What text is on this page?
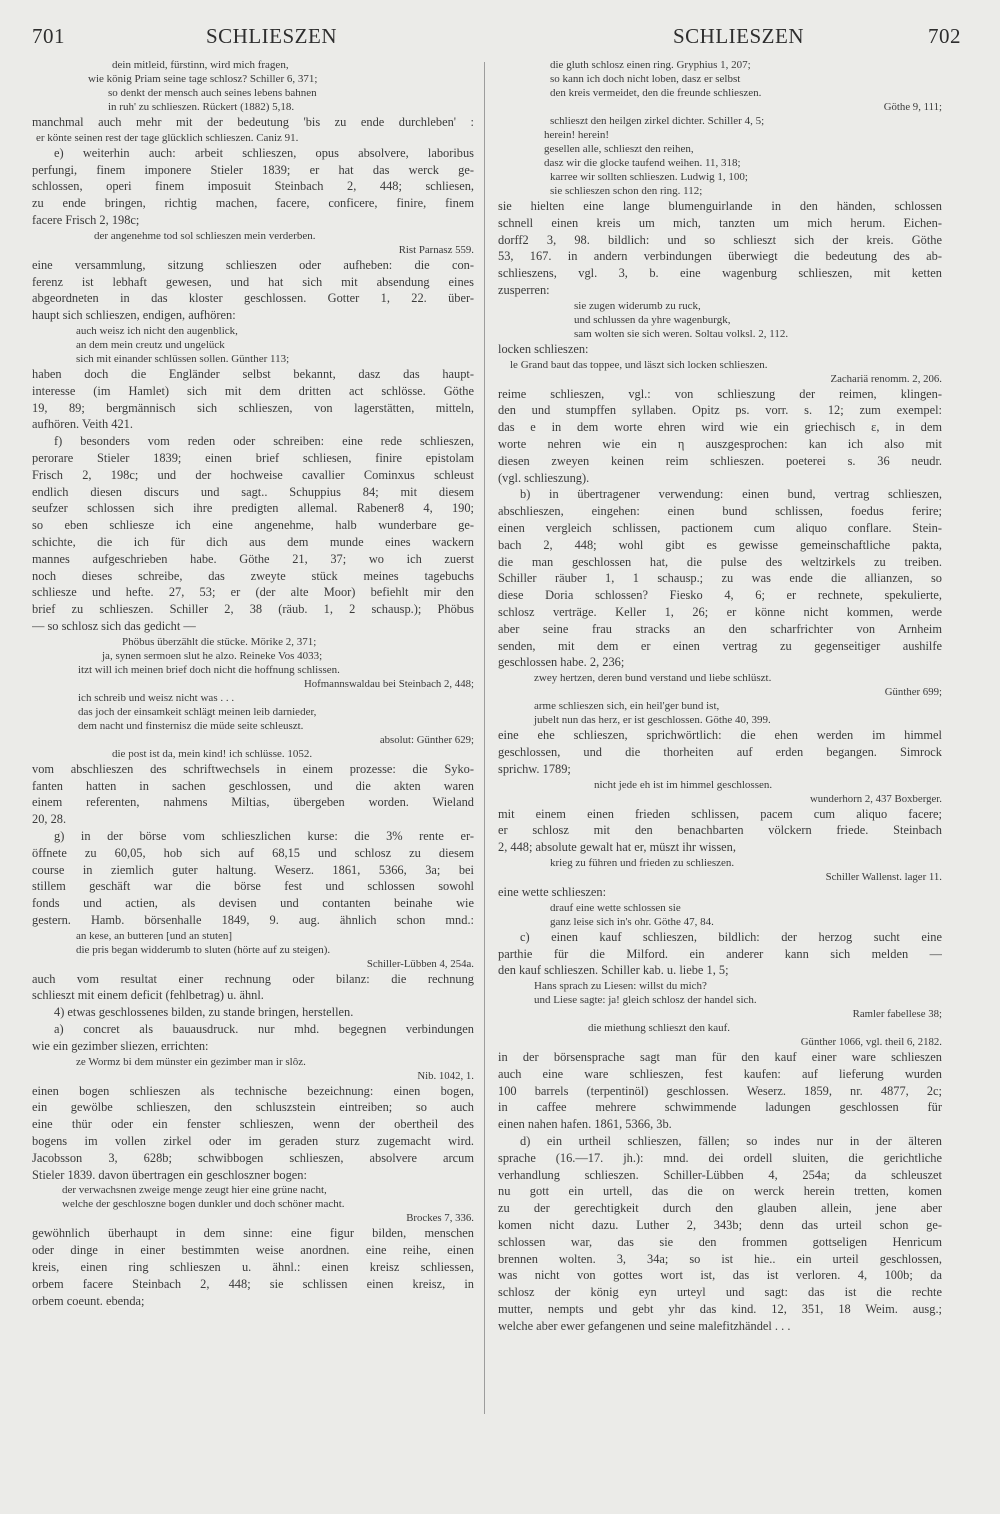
701	SCHLIESZEN	SCHLIESZEN	702
dein mitleid, fürstinn, wird mich fragen,
wie könig Priam seine tage schlosz? Schiller 6, 371;
so denkt der mensch auch seines lebens bahnen
in ruh' zu schlieszen. Rückert (1882) 5,18.
manchmal auch mehr mit der bedeutung 'bis zu ende durchleben' :
er könte seinen rest der tage glücklich schlieszen. Caniz 91.
e) weiterhin auch: arbeit schlieszen, opus absolvere, laboribus
perfungi, finem imponere Stieler 1839; er hat das werck ge-
schlossen, operi finem imposuit Steinbach 2, 448; schliesen,
zu ende bringen, richtig machen, facere, conficere, finire, finem
facere Frisch 2, 198c;
der angenehme tod sol schlieszen mein verderben.
Rist Parnasz 559.
eine versammlung, sitzung schlieszen oder aufheben: die con-
ferenz ist lebhaft gewesen, und hat sich mit absendung eines
abgeordneten in das kloster geschlossen. Gotter 1, 22. über-
haupt sich schlieszen, endigen, aufhören:
auch weisz ich nicht den augenblick,
an dem mein creutz und ungelück
sich mit einander schlüssen sollen. Günther 113;
haben doch die Engländer selbst bekannt, dasz das haupt-
interesse (im Hamlet) sich mit dem dritten act schlösse. Göthe
19, 89; bergmännisch sich schlieszen, von lagerstätten, mitteln,
aufhören. Veith 421.
f) besonders vom reden oder schreiben: eine rede schlieszen,
perorare Stieler 1839; einen brief schliesen, finire epistolam
Frisch 2, 198c; und der hochweise cavallier Cominxus schleust
endlich diesen discurs und sagt.. Schuppius 84; mit diesem
seufzer schlossen sich ihre predigten allemal. Rabener8 4, 190;
so eben schliesze ich eine angenehme, halb wunderbare ge-
schichte, die ich für dich aus dem munde eines wackern
mannes aufgeschrieben habe. Göthe 21, 37; wo ich zuerst
noch dieses schreibe, das zweyte stück meines tagebuchs
schliesze und hefte. 27, 53; er (der alte Moor) befiehlt mir den
brief zu schlieszen. Schiller 2, 38 (räub. 1, 2 schausp.); Phöbus
— so schlosz sich das gedicht —
Phöbus überzählt die stücke. Mörike 2, 371;
ja, synen sermoen slut he alzo. Reineke Vos 4033;
itzt will ich meinen brief doch nicht die hoffnung schlissen.
Hofmannswaldau bei Steinbach 2, 448;
ich schreib und weisz nicht was . . .
das joch der einsamkeit schlägt meinen leib darnieder,
dem nacht und finsternisz die müde seite schleuszt.
absolut: Günther 629;
die post ist da, mein kind! ich schlüsse. 1052.
vom abschlieszen des schriftwechsels in einem prozesse: die Syko-
fanten hatten in sachen geschlossen, und die akten waren
einem referenten, nahmens Miltias, übergeben worden. Wieland
20, 28.
g) in der börse vom schlieszlichen kurse: die 3% rente er-
öffnete zu 60,05, hob sich auf 68,15 und schlosz zu diesem
course in ziemlich guter haltung. Weserz. 1861, 5366, 3a; bei
stillem geschäft war die börse fest und schlossen sowohl
fonds und actien, als devisen und contanten beinahe wie
gestern. Hamb. börsenhalle 1849, 9. aug. ähnlich schon mnd.:
an kese, an butteren [und an stuten]
die pris began widderumb to sluten (hörte auf zu steigen).
Schiller-Lübben 4, 254a.
auch vom resultat einer rechnung oder bilanz: die rechnung
schlieszt mit einem deficit (fehlbetrag) u. ähnl.
4) etwas geschlossenes bilden, zu stande bringen, herstellen.
a) concret als bauausdruck. nur mhd. begegnen verbindungen
wie ein gezimber sliezen, errichten:
ze Wormz bi dem münster ein gezimber man ir slôz.
Nib. 1042, 1.
einen bogen schlieszen als technische bezeichnung: einen bogen,
ein gewölbe schlieszen, den schluszstein eintreiben; so auch
eine thür oder ein fenster schlieszen, wenn der obertheil des
bogens im vollen zirkel oder im geraden sturz zugemacht wird.
Jacobsson 3, 628b; schwibbogen schlieszen, absolvere arcum
Stieler 1839. davon übertragen ein geschloszner bogen:
der verwachsnen zweige menge zeugt hier eine grüne nacht,
welche der geschloszne bogen dunkler und doch schöner macht.
Brockes 7, 336.
gewöhnlich überhaupt in dem sinne: eine figur bilden, menschen
oder dinge in einer bestimmten weise anordnen. eine reihe, einen
kreis, einen ring schlieszen u. ähnl.: einen kreisz schliessen,
orbem facere Steinbach 2, 448; sie schlissen einen kreisz, in
orbem coeunt. ebenda;
die gluth schlosz einen ring. Gryphius 1, 207;
so kann ich doch nicht loben, dasz er selbst
den kreis vermeidet, den die freunde schlieszen.
Göthe 9, 111;
schlieszt den heilgen zirkel dichter. Schiller 4, 5;
herein! herein!
gesellen alle, schlieszt den reihen,
dasz wir die glocke taufend weihen. 11, 318;
karree wir sollten schlieszen. Ludwig 1, 100;
sie schlieszen schon den ring. 112;
sie hielten eine lange blumenguirlande in den händen, schlossen
schnell einen kreis um mich, tanzten um mich herum. Eichen-
dorff2 3, 98. bildlich: und so schlieszt sich der kreis. Göthe
53, 167. in andern verbindungen überwiegt die bedeutung des ab-
schlieszens, vgl. 3, b. eine wagenburg schlieszen, mit ketten
zusperren:
sie zugen widerumb zu ruck,
und schlussen da yhre wagenburgk,
sam wolten sie sich weren. Soltau volksl. 2, 112.
locken schlieszen:
le Grand baut das toppee, und läszt sich locken schlieszen.
Zachariä renomm. 2, 206.
reime schlieszen, vgl.: von schlieszung der reimen, klingen-
den und stumpffen syllaben. Opitz ps. vorr. s. 12; zum exempel:
das e in dem worte ehren wird wie ein griechisch ε, in dem
worte nehren wie ein η auszgesprochen: kan ich also mit
diesen zweyen keinen reim schlieszen. poeterei s. 36 neudr.
(vgl. schlieszung).
b) in übertragener verwendung: einen bund, vertrag schlieszen,
abschlieszen, eingehen: einen bund schlissen, foedus ferire;
einen vergleich schlissen, pactionem cum aliquo conflare. Stein-
bach 2, 448; wohl gibt es gewisse gemeinschaftliche pakta,
die man geschlossen hat, die pulse des weltzirkels zu treiben.
Schiller räuber 1, 1 schausp.; zu was ende die allianzen, so
diese Doria schlossen? Fiesko 4, 6; er rechnete, spekulierte,
schlosz verträge. Keller 1, 26; er könne nicht kommen, werde
aber seine frau stracks an den scharfrichter von Arnheim
senden, mit dem er einen vertrag zu gegenseitiger aushilfe
geschlossen habe. 2, 236;
zwey hertzen, deren bund verstand und liebe schlüszt.
Günther 699;
arme schlieszen sich, ein heil'ger bund ist,
jubelt nun das herz, er ist geschlossen. Göthe 40, 399.
eine ehe schlieszen, sprichwörtlich: die ehen werden im himmel
geschlossen, und die thorheiten auf erden begangen. Simrock
sprichw. 1789;
nicht jede eh ist im himmel geschlossen.
wunderhorn 2, 437 Boxberger.
mit einem einen frieden schlissen, pacem cum aliquo facere;
er schlosz mit den benachbarten völckern friede. Steinbach
2, 448; absolute gewalt hat er, müszt ihr wissen,
krieg zu führen und frieden zu schlieszen.
Schiller Wallenst. lager 11.
eine wette schlieszen:
drauf eine wette schlossen sie
ganz leise sich in's ohr. Göthe 47, 84.
c) einen kauf schlieszen, bildlich: der herzog sucht eine
parthie für die Milford. ein anderer kann sich melden —
den kauf schlieszen. Schiller kab. u. liebe 1, 5;
Hans sprach zu Liesen: willst du mich?
und Liese sagte: ja! gleich schlosz der handel sich.
Ramler fabellese 38;
die miethung schlieszt den kauf.
Günther 1066, vgl. theil 6, 2182.
in der börsensprache sagt man für den kauf einer ware schlieszen
auch eine ware schlieszen, fest kaufen: auf lieferung wurden
100 barrels (terpentinöl) geschlossen. Weserz. 1859, nr. 4877, 2c;
in caffee mehrere schwimmende ladungen geschlossen für
einen nahen hafen. 1861, 5366, 3b.
d) ein urtheil schlieszen, fällen; so indes nur in der älteren
sprache (16.—17. jh.): mnd. dei ordell sluiten, die gerichtliche
verhandlung schlieszen. Schiller-Lübben 4, 254a; da schleuszet
nu gott ein urtell, das die on werck herein tretten, komen
zu der gerechtigkeit durch den glauben allein, jene aber
komen nicht dazu. Luther 2, 343b; denn das urteil schon ge-
schlossen war, das sie den frommen gottseligen Henricum
brennen wolten. 3, 34a; so ist hie.. ein urteil geschlossen,
was nicht von gottes wort ist, das ist verloren. 4, 100b; da
schlosz der könig eyn urteyl und sagt: das ist die rechte
mutter, nempts und gebt yhr das kind. 12, 351, 18 Weim. ausg.;
welche aber ewer gefangenen und seine malefitzhändel . . .
